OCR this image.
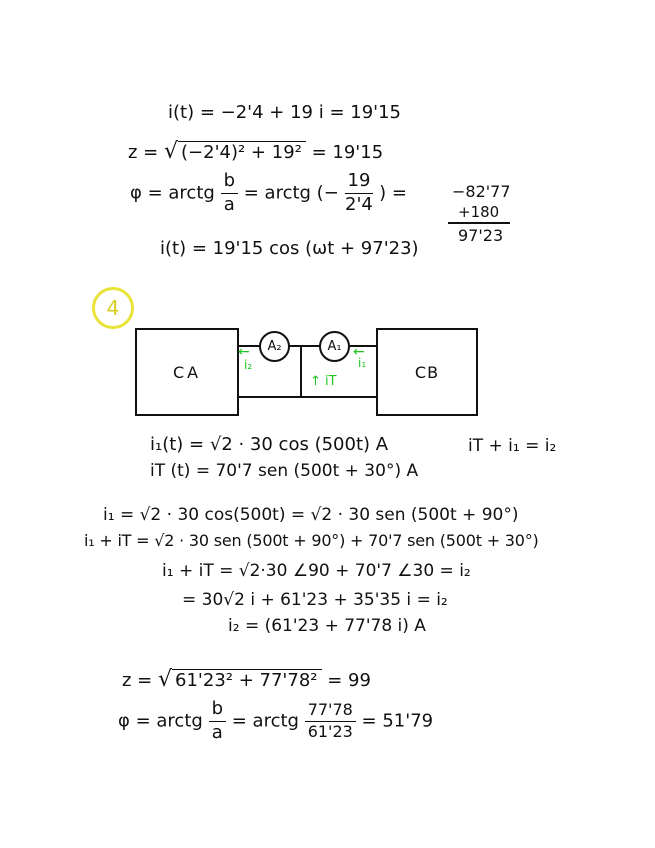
i(t) = −2'4 + 19 i = 19'15
z = √ (−2'4)² + 19² = 19'15
φ = arctg $\frac{b}{a}$ = arctg (− $\frac{19}{2'4}$ ) =	−82'77
+180
97'23
i(t) = 19'15 cos (ωt + 97'23)
4
CA	CB
A₂	A₁
←
i₂
←
i₁
↑ iT
i₁(t) = √2 · 30 cos (500t) A	iT + i₁ = i₂
iT (t) = 70'7 sen (500t + 30°) A
i₁ = √2 · 30 cos(500t) = √2 · 30 sen (500t + 90°)
i₁ + iT = √2 · 30 sen (500t + 90°) + 70'7 sen (500t + 30°)
i₁ + iT = √2·30 ∠90 + 70'7 ∠30 = i₂
= 30√2 i + 61'23 + 35'35 i = i₂
i₂ = (61'23 + 77'78 i) A
z = √ 61'23² + 77'78² = 99
φ = arctg $\frac{b}{a}$ = arctg $\frac{77'78}{61'23} = 51'79$
